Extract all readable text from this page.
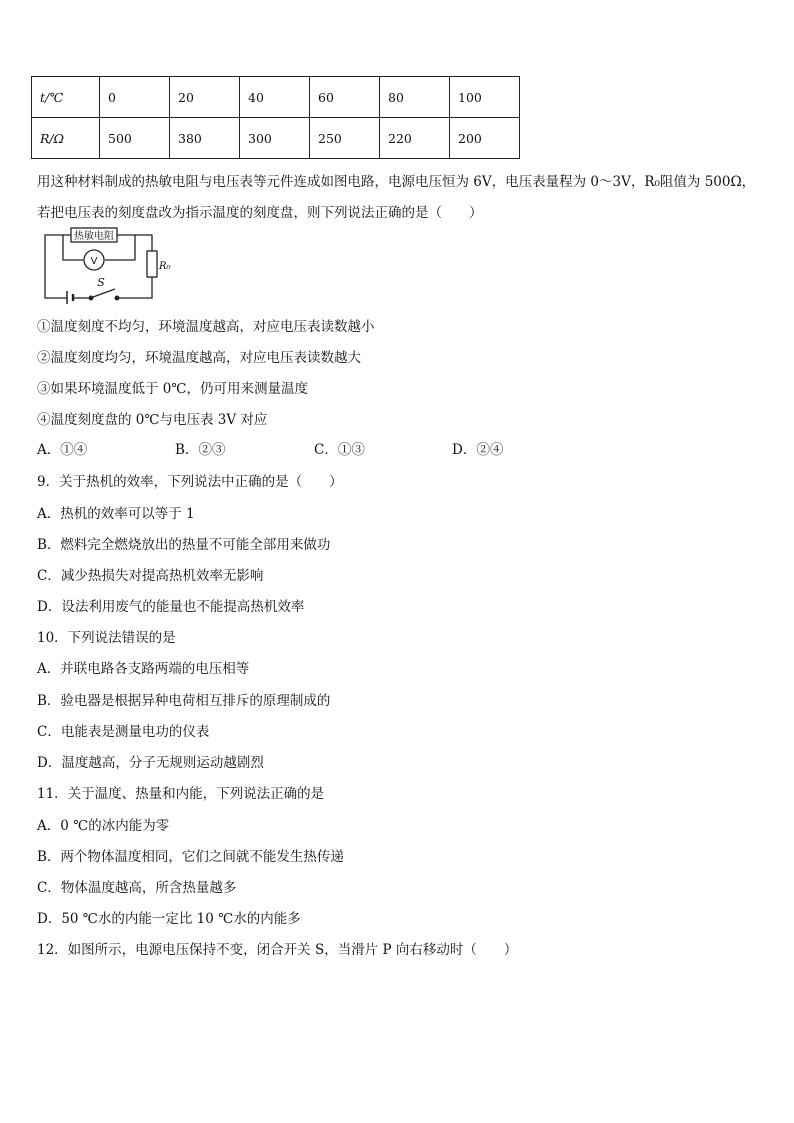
t/℃	0	20	40	60	80	100
R/Ω	500	380	300	250	220	200
用这种材料制成的热敏电阻与电压表等元件连成如图电路，电源电压恒为 6V，电压表量程为 0～3V，R₀阻值为 500Ω，
若把电压表的刻度盘改为指示温度的刻度盘，则下列说法正确的是（　　）
热敏电阻
V	R₀
S
①温度刻度不均匀，环境温度越高，对应电压表读数越小
②温度刻度均匀，环境温度越高，对应电压表读数越大
③如果环境温度低于 0℃，仍可用来测量温度
④温度刻度盘的 0℃与电压表 3V 对应
A．①④	B．②③	C．①③	D．②④
9．关于热机的效率，下列说法中正确的是（　　）
A．热机的效率可以等于 1
B．燃料完全燃烧放出的热量不可能全部用来做功
C．减少热损失对提高热机效率无影响
D．设法利用废气的能量也不能提高热机效率
10．下列说法错误的是
A．并联电路各支路两端的电压相等
B．验电器是根据异种电荷相互排斥的原理制成的
C．电能表是测量电功的仪表
D．温度越高，分子无规则运动越剧烈
11．关于温度、热量和内能，下列说法正确的是
A．0 ℃的冰内能为零
B．两个物体温度相同，它们之间就不能发生热传递
C．物体温度越高，所含热量越多
D．50 ℃水的内能一定比 10 ℃水的内能多
12．如图所示，电源电压保持不变，闭合开关 S，当滑片 P 向右移动时（　　）
